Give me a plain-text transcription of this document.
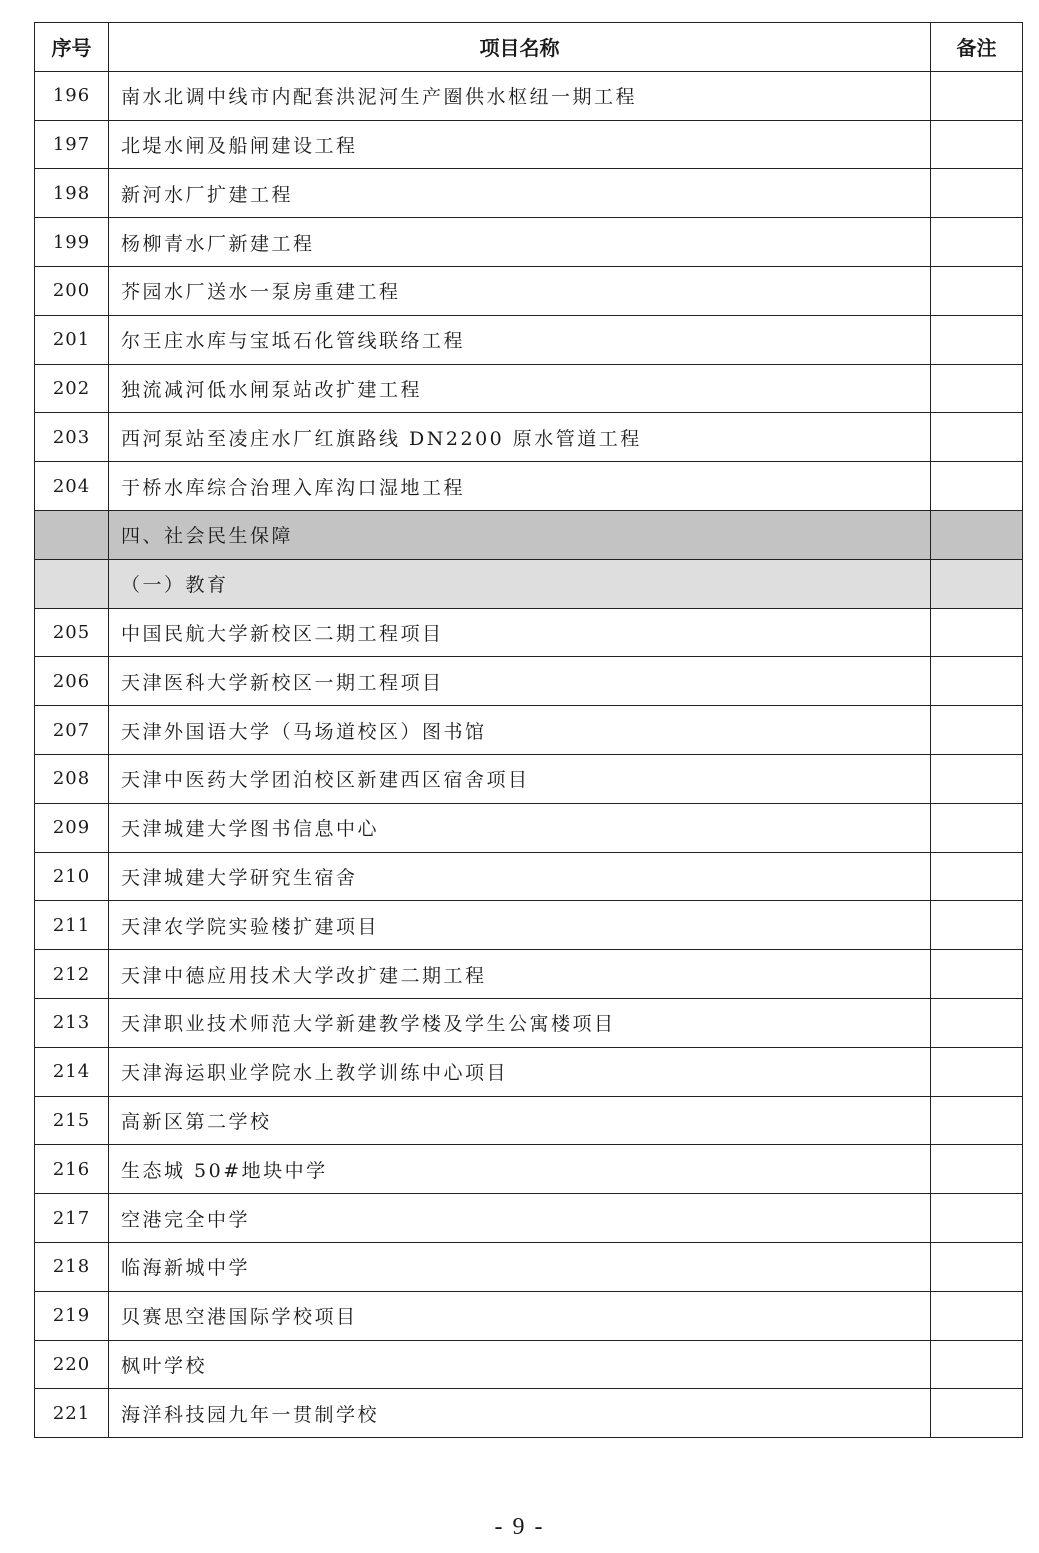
序号	项目名称	备注
196	南水北调中线市内配套洪泥河生产圈供水枢纽一期工程	
197	北堤水闸及船闸建设工程	
198	新河水厂扩建工程	
199	杨柳青水厂新建工程	
200	芥园水厂送水一泵房重建工程	
201	尔王庄水库与宝坻石化管线联络工程	
202	独流减河低水闸泵站改扩建工程	
203	西河泵站至凌庄水厂红旗路线 DN2200 原水管道工程	
204	于桥水库综合治理入库沟口湿地工程	
	四、社会民生保障	
	（一）教育	
205	中国民航大学新校区二期工程项目	
206	天津医科大学新校区一期工程项目	
207	天津外国语大学（马场道校区）图书馆	
208	天津中医药大学团泊校区新建西区宿舍项目	
209	天津城建大学图书信息中心	
210	天津城建大学研究生宿舍	
211	天津农学院实验楼扩建项目	
212	天津中德应用技术大学改扩建二期工程	
213	天津职业技术师范大学新建教学楼及学生公寓楼项目	
214	天津海运职业学院水上教学训练中心项目	
215	高新区第二学校	
216	生态城 50#地块中学	
217	空港完全中学	
218	临海新城中学	
219	贝赛思空港国际学校项目	
220	枫叶学校	
221	海洋科技园九年一贯制学校	
- 9 -
